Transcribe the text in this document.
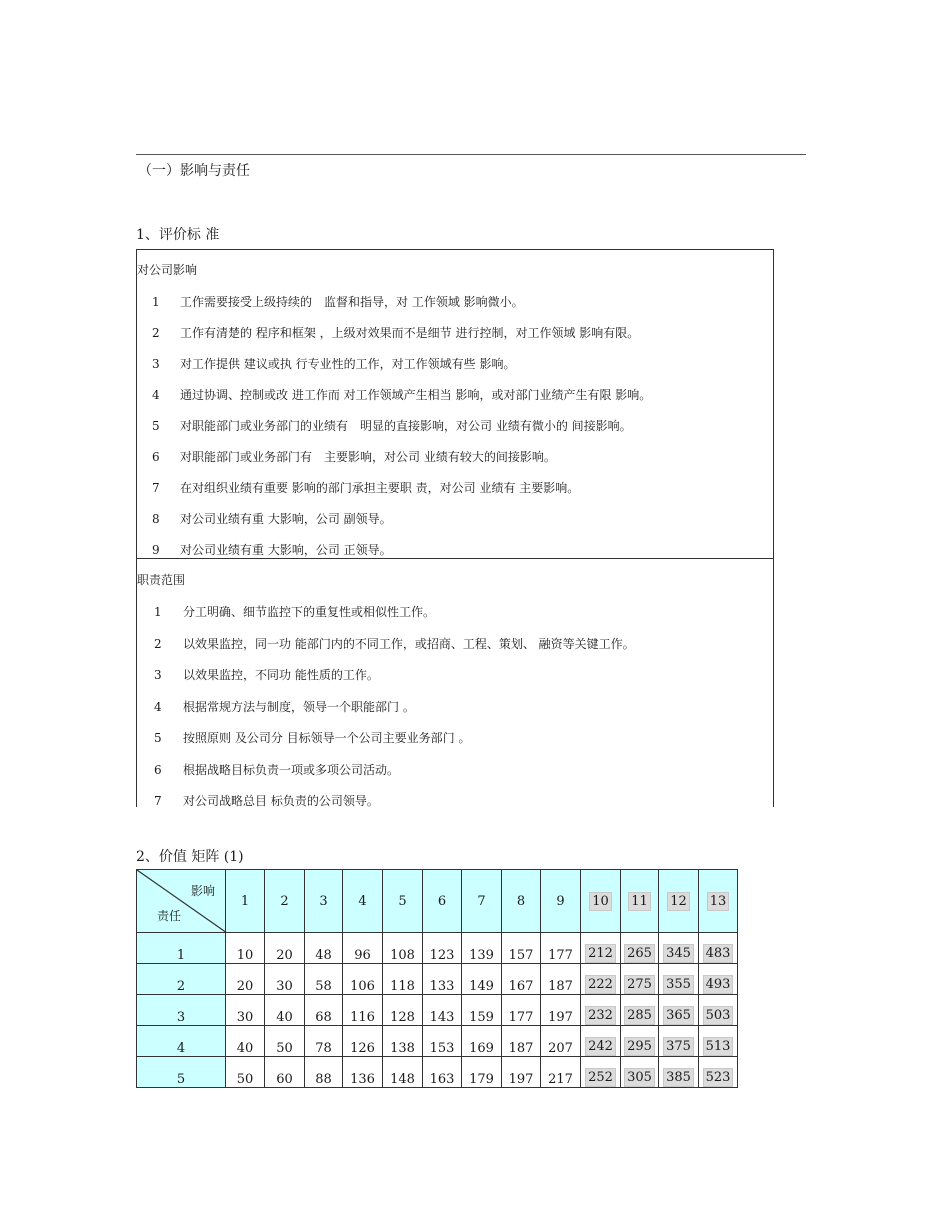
（一）影响与责任
1、评价标 准
对公司影响
1 工作需要接受上级持续的　监督和指导，对 工作领域 影响微小。
2 工作有清楚的 程序和框架 ，上级对效果而不是细节 进行控制，对工作领域 影响有限。
3 对工作提供 建议或执 行专业性的工作，对工作领域有些 影响。
4 通过协调、控制或改 进工作而 对工作领域产生相当 影响，或对部门业绩产生有限 影响。
5 对职能部门或业务部门的业绩有　明显的直接影响，对公司 业绩有微小的 间接影响。
6 对职能部门或业务部门有　主要影响，对公司 业绩有较大的间接影响。
7 在对组织业绩有重要 影响的部门承担主要职 责，对公司 业绩有 主要影响。
8 对公司业绩有重 大影响，公司 副领导。
9 对公司业绩有重 大影响，公司 正领导。
职责范围
1 分工明确、细节监控下的重复性或相似性工作。
2 以效果监控，同一功 能部门内的不同工作，或招商、工程、策划、 融资等关键工作。
3 以效果监控，不同功 能性质的工作。
4 根据常规方法与制度，领导一个职能部门 。
5 按照原则 及公司分 目标领导一个公司主要业务部门 。
6 根据战略目标负责一项或多项公司活动。
7 对公司战略总目 标负责的公司领导。
2、价值 矩阵 (1)
影响
责任	1	2	3	4	5	6	7	8	9	10	11	12	13
1	10	20	48	96	108	123	139	157	177	212	265	345	483
2	20	30	58	106	118	133	149	167	187	222	275	355	493
3	30	40	68	116	128	143	159	177	197	232	285	365	503
4	40	50	78	126	138	153	169	187	207	242	295	375	513
5	50	60	88	136	148	163	179	197	217	252	305	385	523
